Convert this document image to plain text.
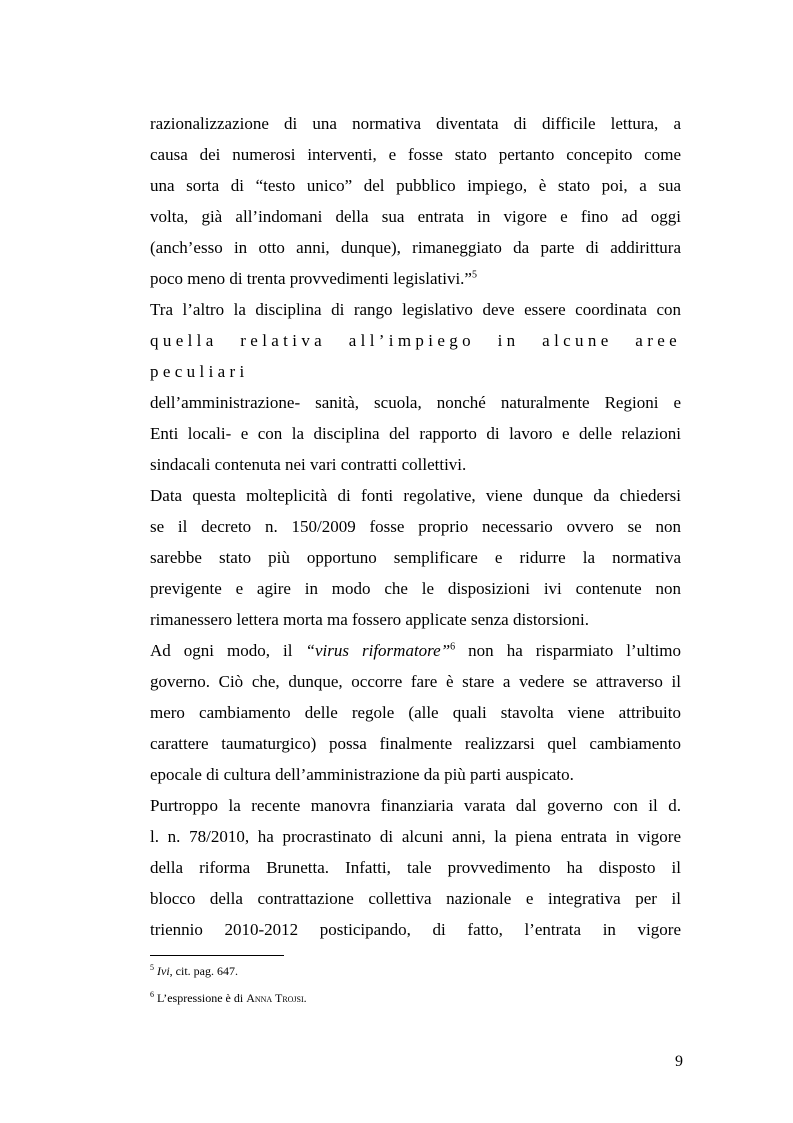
razionalizzazione di una normativa diventata di difficile lettura, a

causa dei numerosi interventi, e fosse stato pertanto concepito come

una sorta di “testo unico” del pubblico impiego, è stato poi, a sua

volta, già all’indomani della sua entrata in vigore e fino ad oggi

(anch’esso in otto anni, dunque), rimaneggiato da parte di addirittura

poco meno di trenta provvedimenti legislativi.”$^5$

Tra l’altro la disciplina di rango legislativo deve essere coordinata con

quella relativa all’impiego in alcune aree peculiari

dell’amministrazione- sanità, scuola, nonché naturalmente Regioni e

Enti locali- e con la disciplina del rapporto di lavoro e delle relazioni

sindacali contenuta nei vari contratti collettivi.

Data questa molteplicità di fonti regolative, viene dunque da chiedersi

se il decreto n. 150/2009 fosse proprio necessario ovvero se non

sarebbe stato più opportuno semplificare e ridurre la normativa

previgente e agire in modo che le disposizioni ivi contenute non

rimanessero lettera morta ma fossero applicate senza distorsioni.

Ad ogni modo, il “virus riformatore”$^6$ non ha risparmiato l’ultimo

governo. Ciò che, dunque, occorre fare è stare a vedere se attraverso il

mero cambiamento delle regole (alle quali stavolta viene attribuito

carattere taumaturgico) possa finalmente realizzarsi quel cambiamento

epocale di cultura dell’amministrazione da più parti auspicato.

Purtroppo la recente manovra finanziaria varata dal governo con il d.

l. n. 78/2010, ha procrastinato di alcuni anni, la piena entrata in vigore

della riforma Brunetta. Infatti, tale provvedimento ha disposto il

blocco della contrattazione collettiva nazionale e integrativa per il

triennio 2010-2012 posticipando, di fatto, l’entrata in vigore

$^5$ Ivi, cit. pag. 647.

$^6$ L’espressione è di Anna Trojsi.

9
